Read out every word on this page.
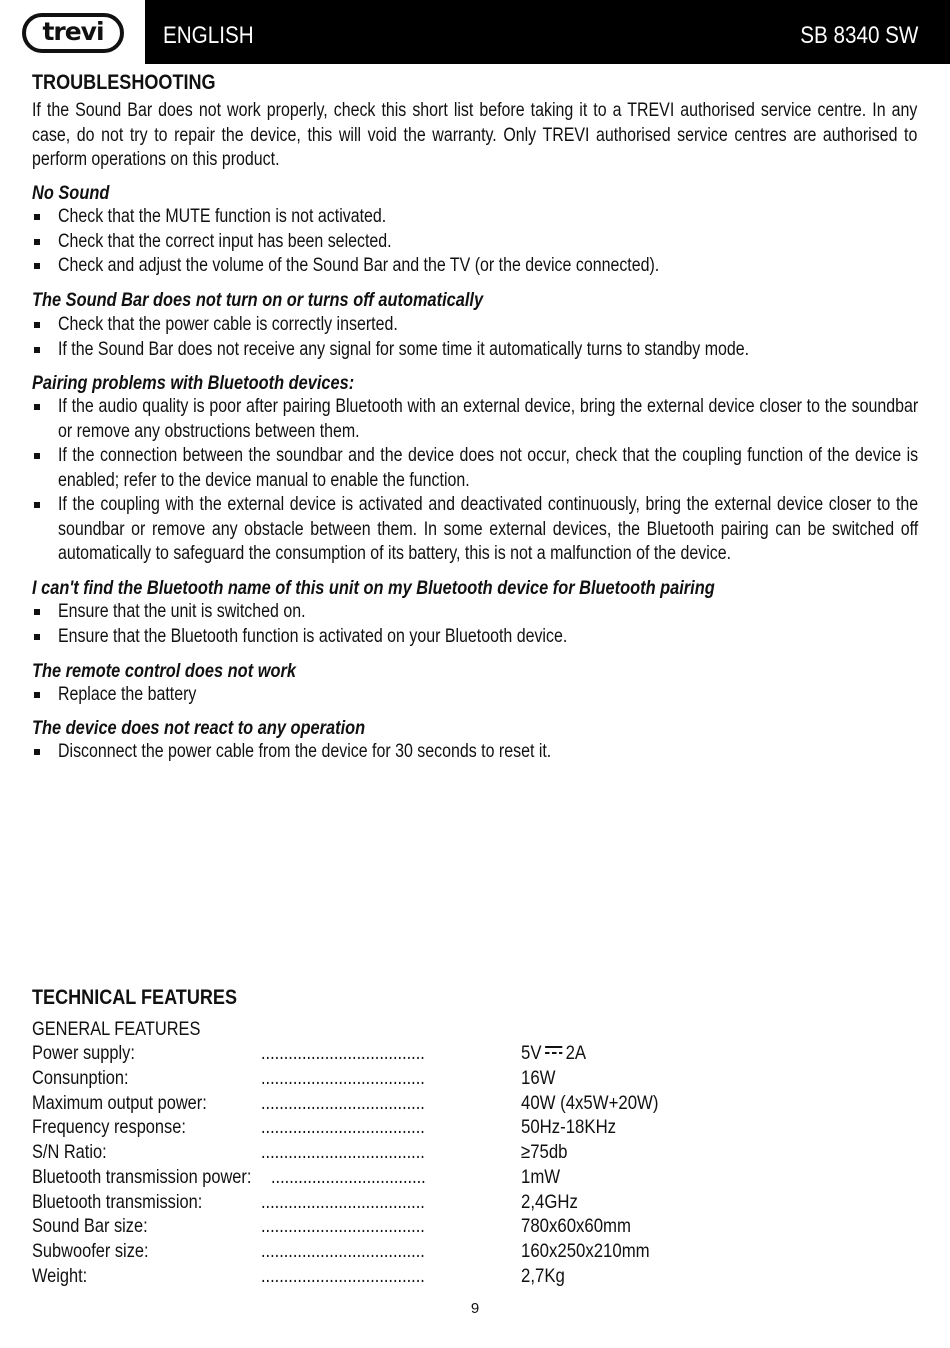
trevi ENGLISH	SB 8340 SW
TROUBLESHOOTING
If the Sound Bar does not work properly, check this short list before taking it to a TREVI authorised service centre. In any case, do not try to repair the device, this will void the warranty. Only TREVI authorised service centres are authorised to perform operations on this product.
No Sound
Check that the MUTE function is not activated.
Check that the correct input has been selected.
Check and adjust the volume of the Sound Bar and the TV (or the device connected).
The Sound Bar does not turn on or turns off automatically
Check that the power cable is correctly inserted.
If the Sound Bar does not receive any signal for some time it automatically turns to standby mode.
Pairing problems with Bluetooth devices:
If the audio quality is poor after pairing Bluetooth with an external device, bring the external device closer to the soundbar or remove any obstructions between them.
If the connection between the soundbar and the device does not occur, check that the coupling function of the device is enabled; refer to the device manual to enable the function.
If the coupling with the external device is activated and deactivated continuously, bring the external device closer to the soundbar or remove any obstacle between them. In some external devices, the Bluetooth pairing can be switched off automatically to safeguard the consumption of its battery, this is not a malfunction of the device.
I can't find the Bluetooth name of this unit on my Bluetooth device for Bluetooth pairing
Ensure that the unit is switched on.
Ensure that the Bluetooth function is activated on your Bluetooth device.
The remote control does not work
Replace the battery
The device does not react to any operation
Disconnect the power cable from the device for 30 seconds to reset it.
TECHNICAL FEATURES
GENERAL FEATURES
Power supply:	....................................	5V 2A
Consunption:	....................................	16W
Maximum output power:	....................................	40W (4x5W+20W)
Frequency response:	....................................	50Hz-18KHz
S/N Ratio:	....................................	≥75db
Bluetooth transmission power: ..................................	1mW
Bluetooth transmission:	....................................	2,4GHz
Sound Bar size:	....................................	780x60x60mm
Subwoofer size:	....................................	160x250x210mm
Weight:	....................................	2,7Kg
9
